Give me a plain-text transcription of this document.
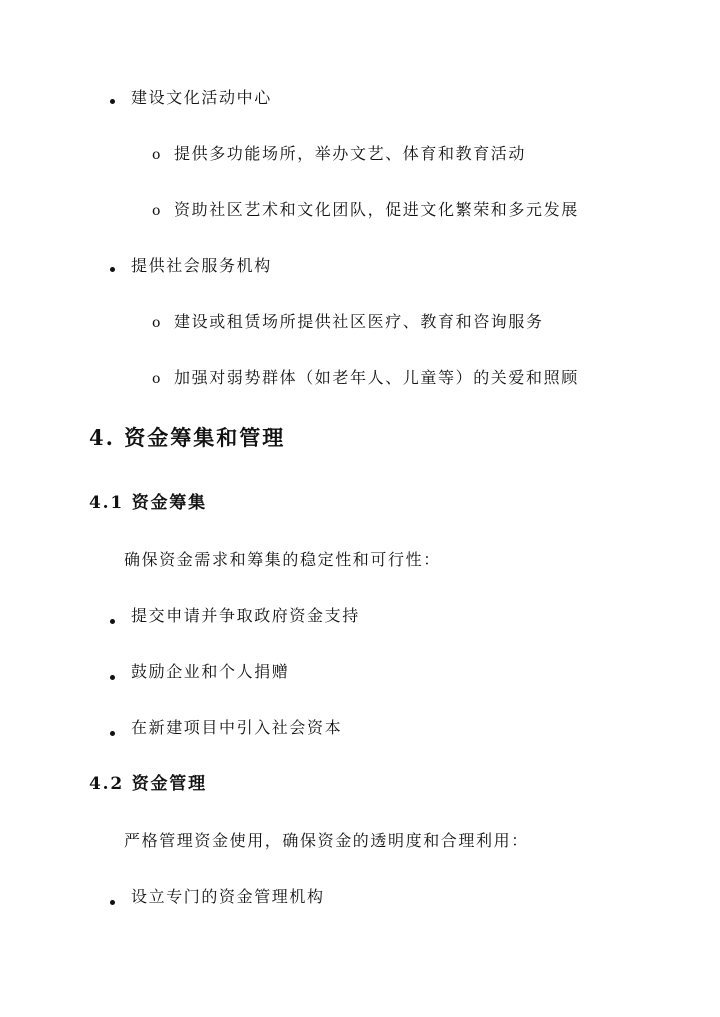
建设文化活动中心
o 提供多功能场所，举办文艺、体育和教育活动
o 资助社区艺术和文化团队，促进文化繁荣和多元发展
提供社会服务机构
o 建设或租赁场所提供社区医疗、教育和咨询服务
o 加强对弱势群体（如老年人、儿童等）的关爱和照顾
4. 资金筹集和管理
4.1 资金筹集
确保资金需求和筹集的稳定性和可行性：
提交申请并争取政府资金支持
鼓励企业和个人捐赠
在新建项目中引入社会资本
4.2 资金管理
严格管理资金使用，确保资金的透明度和合理利用：
设立专门的资金管理机构
